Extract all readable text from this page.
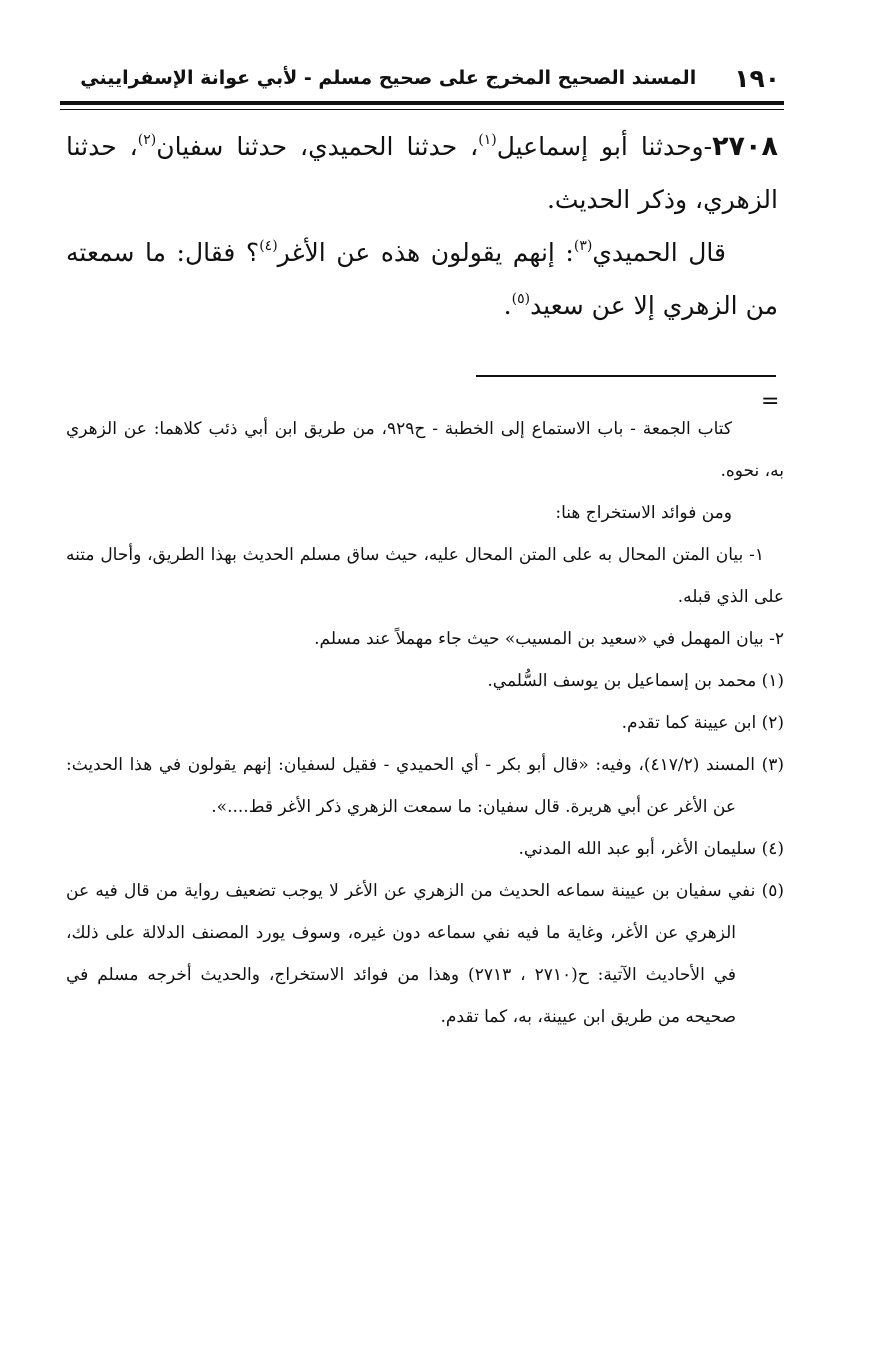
١٩٠
المسند الصحيح المخرج على صحيح مسلم - لأبي عوانة الإسفراييني

٢٧٠٨-وحدثنا أبو إسماعيل$^{(١)}$، حدثنا الحميدي، حدثنا سفيان$^{(٢)}$، حدثنا الزهري، وذكر الحديث.

قال الحميدي$^{(٣)}$: إنهم يقولون هذه عن الأغر$^{(٤)}$؟ فقال: ما سمعته من الزهري إلا عن سعيد$^{(٥)}$.

=

كتاب الجمعة - باب الاستماع إلى الخطبة - ح٩٢٩، من طريق ابن أبي ذئب كلاهما: عن الزهري به، نحوه.

ومن فوائد الاستخراج هنا:

١- بيان المتن المحال به على المتن المحال عليه، حيث ساق مسلم الحديث بهذا الطريق، وأحال متنه على الذي قبله.

٢- بيان المهمل في «سعيد بن المسيب» حيث جاء مهملاً عند مسلم.

(١) محمد بن إسماعيل بن يوسف السُّلمي.

(٢) ابن عيينة كما تقدم.

(٣) المسند (٤١٧/٢)، وفيه: «قال أبو بكر - أي الحميدي - فقيل لسفيان: إنهم يقولون في هذا الحديث: عن الأغر عن أبي هريرة. قال سفيان: ما سمعت الزهري ذكر الأغر قط....».

(٤) سليمان الأغر، أبو عبد الله المدني.

(٥) نفي سفيان بن عيينة سماعه الحديث من الزهري عن الأغر لا يوجب تضعيف رواية من قال فيه عن الزهري عن الأغر، وغاية ما فيه نفي سماعه دون غيره، وسوف يورد المصنف الدلالة على ذلك، في الأحاديث الآتية: ح(٢٧١٠ ، ٢٧١٣) وهذا من فوائد الاستخراج، والحديث أخرجه مسلم في صحيحه من طريق ابن عيينة، به، كما تقدم.
